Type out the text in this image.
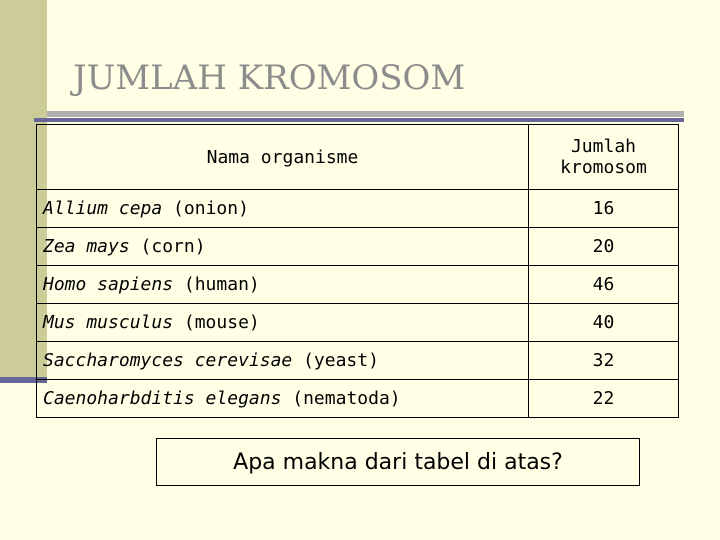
JUMLAH KROMOSOM
Nama organisme	Jumlah
kromosom
Allium cepa (onion)	16
Zea mays (corn)	20
Homo sapiens (human)	46
Mus musculus (mouse)	40
Saccharomyces cerevisae (yeast)	32
Caenoharbditis elegans (nematoda)	22
Apa makna dari tabel di atas?
